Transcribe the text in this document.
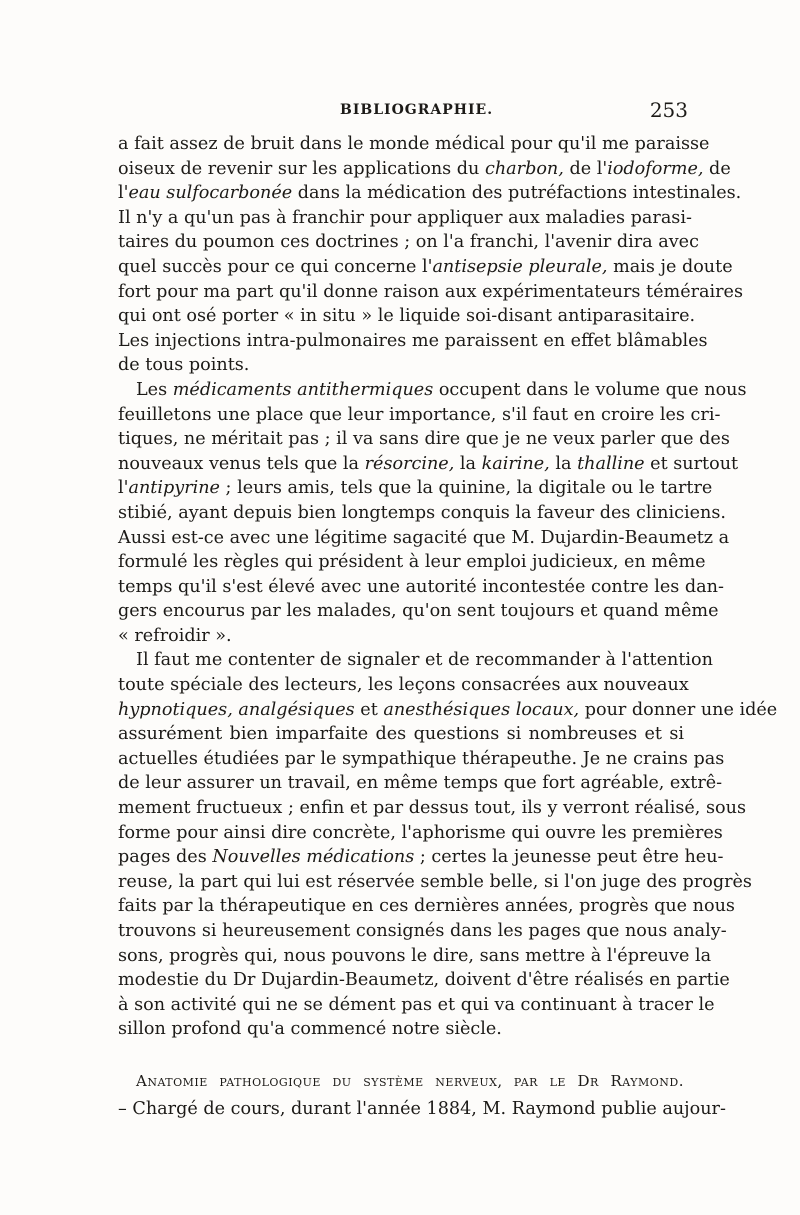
BIBLIOGRAPHIE.	253
a fait assez de bruit dans le monde médical pour qu'il me paraisse
oiseux de revenir sur les applications du charbon, de l'iodoforme, de
l'eau sulfocarbonée dans la médication des putréfactions intestinales.
Il n'y a qu'un pas à franchir pour appliquer aux maladies parasi-
taires du poumon ces doctrines ; on l'a franchi, l'avenir dira avec
quel succès pour ce qui concerne l'antisepsie pleurale, mais je doute
fort pour ma part qu'il donne raison aux expérimentateurs téméraires
qui ont osé porter « in situ » le liquide soi-disant antiparasitaire.
Les injections intra-pulmonaires me paraissent en effet blâmables
de tous points.
Les médicaments antithermiques occupent dans le volume que nous
feuilletons une place que leur importance, s'il faut en croire les cri-
tiques, ne méritait pas ; il va sans dire que je ne veux parler que des
nouveaux venus tels que la résorcine, la kairine, la thalline et surtout
l'antipyrine ; leurs amis, tels que la quinine, la digitale ou le tartre
stibié, ayant depuis bien longtemps conquis la faveur des cliniciens.
Aussi est-ce avec une légitime sagacité que M. Dujardin-Beaumetz a
formulé les règles qui président à leur emploi judicieux, en même
temps qu'il s'est élevé avec une autorité incontestée contre les dan-
gers encourus par les malades, qu'on sent toujours et quand même
« refroidir ».
Il faut me contenter de signaler et de recommander à l'attention
toute spéciale des lecteurs, les leçons consacrées aux nouveaux
hypnotiques, analgésiques et anesthésiques locaux, pour donner une idée
assurément bien imparfaite des questions si nombreuses et si
actuelles étudiées par le sympathique thérapeuthe. Je ne crains pas
de leur assurer un travail, en même temps que fort agréable, extrê-
mement fructueux ; enfin et par dessus tout, ils y verront réalisé, sous
forme pour ainsi dire concrète, l'aphorisme qui ouvre les premières
pages des Nouvelles médications ; certes la jeunesse peut être heu-
reuse, la part qui lui est réservée semble belle, si l'on juge des progrès
faits par la thérapeutique en ces dernières années, progrès que nous
trouvons si heureusement consignés dans les pages que nous analy-
sons, progrès qui, nous pouvons le dire, sans mettre à l'épreuve la
modestie du Dr Dujardin-Beaumetz, doivent d'être réalisés en partie
à son activité qui ne se dément pas et qui va continuant à tracer le
sillon profond qu'a commencé notre siècle.
Anatomie pathologique du système nerveux, par le Dr Raymond.
– Chargé de cours, durant l'année 1884, M. Raymond publie aujour-
